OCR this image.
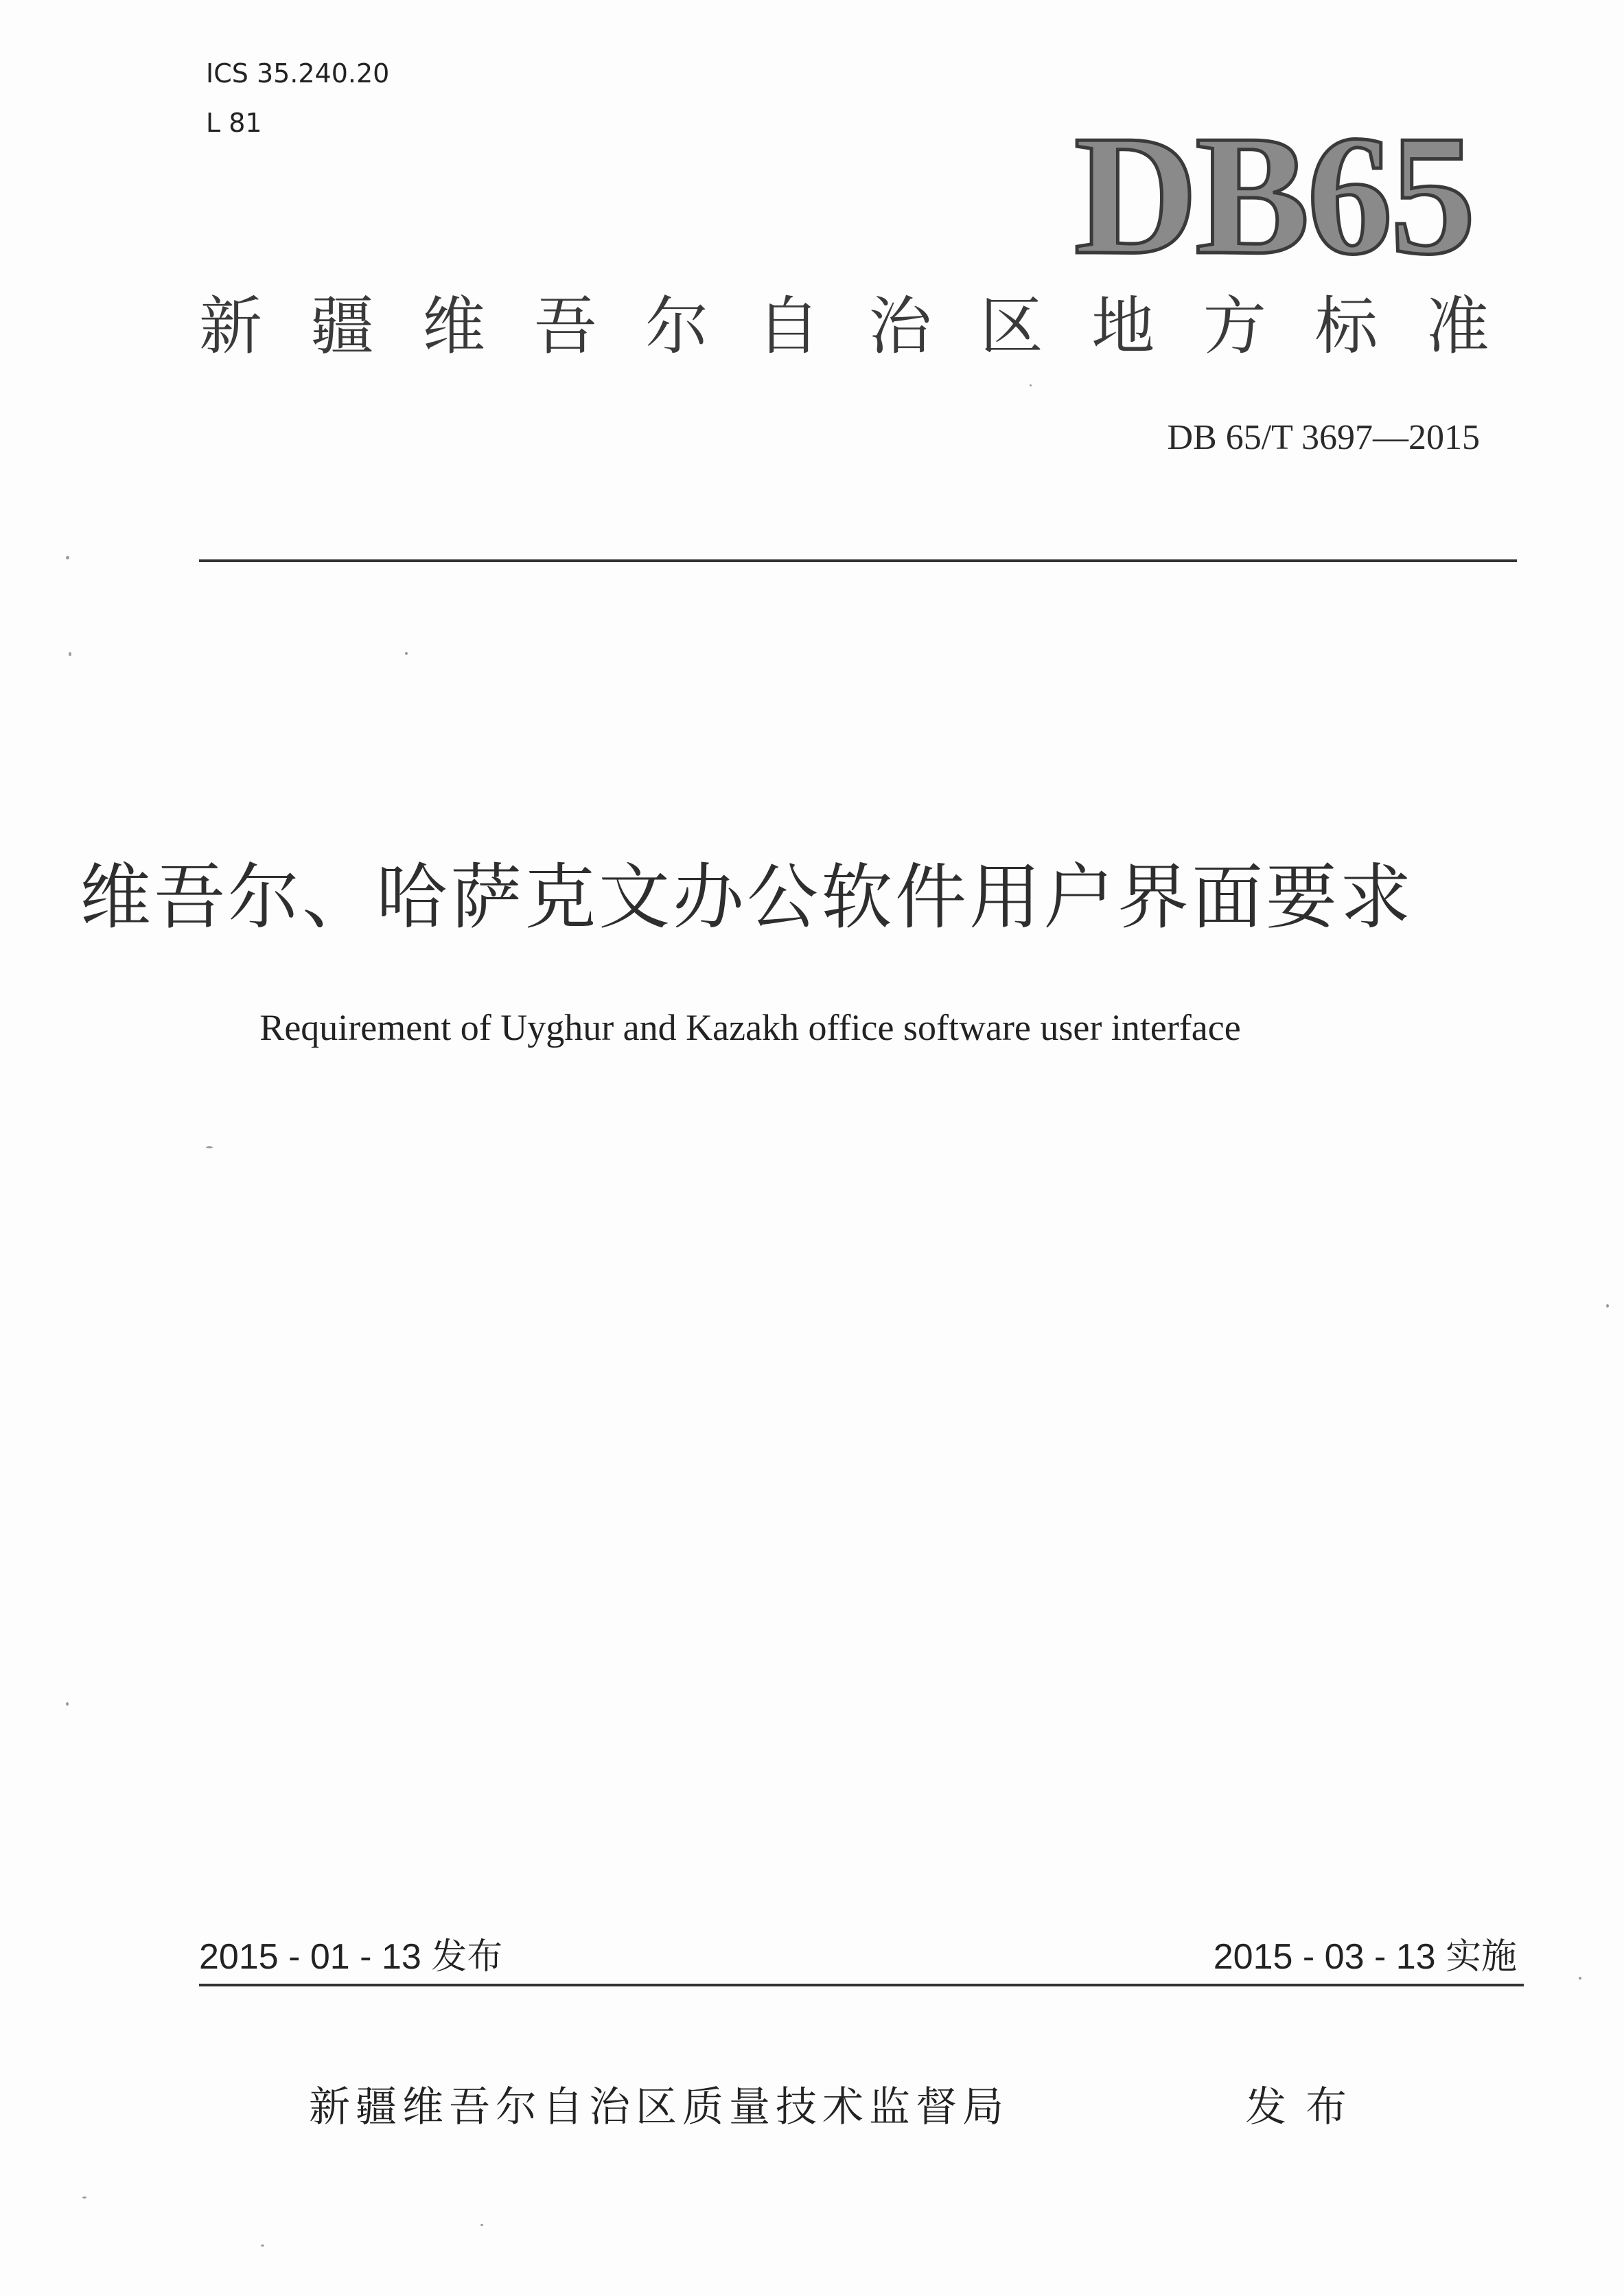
ICS 35.240.20
L 81	DB65
新 疆 维 吾 尔 自 治 区 地 方 标 准
DB 65/T 3697—2015
维吾尔、哈萨克文办公软件用户界面要求
Requirement of Uyghur and Kazakh office software user interface
2015 - 01 - 13 发布	2015 - 03 - 13 实施
新疆维吾尔自治区质量技术监督局	发布
